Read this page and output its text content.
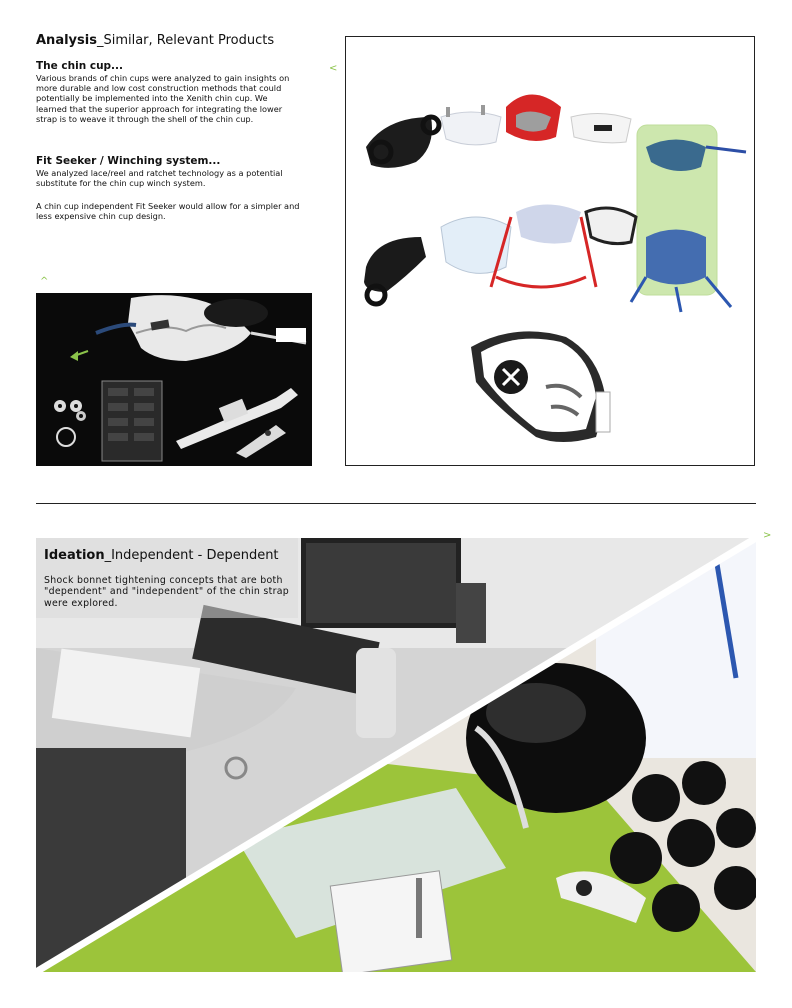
Analysis_Similar, Relevant Products
The chin cup...
Various brands of chin cups were analyzed to gain insights on more durable and low cost construction methods that could potentially be implemented into the Xenith chin cup. We learned that the superior approach for integrating the lower strap is to weave it through the shell of the chin cup.
Fit Seeker / Winching system...
We analyzed lace/reel and ratchet technology as a potential substitute for the chin cup winch system.
A chin cup independent Fit Seeker would allow for a simpler and less expensive chin cup design.
<
^
Ideation_Independent - Dependent
Shock bonnet tightening concepts that are both "dependent" and "independent" of the chin strap were explored.
>
